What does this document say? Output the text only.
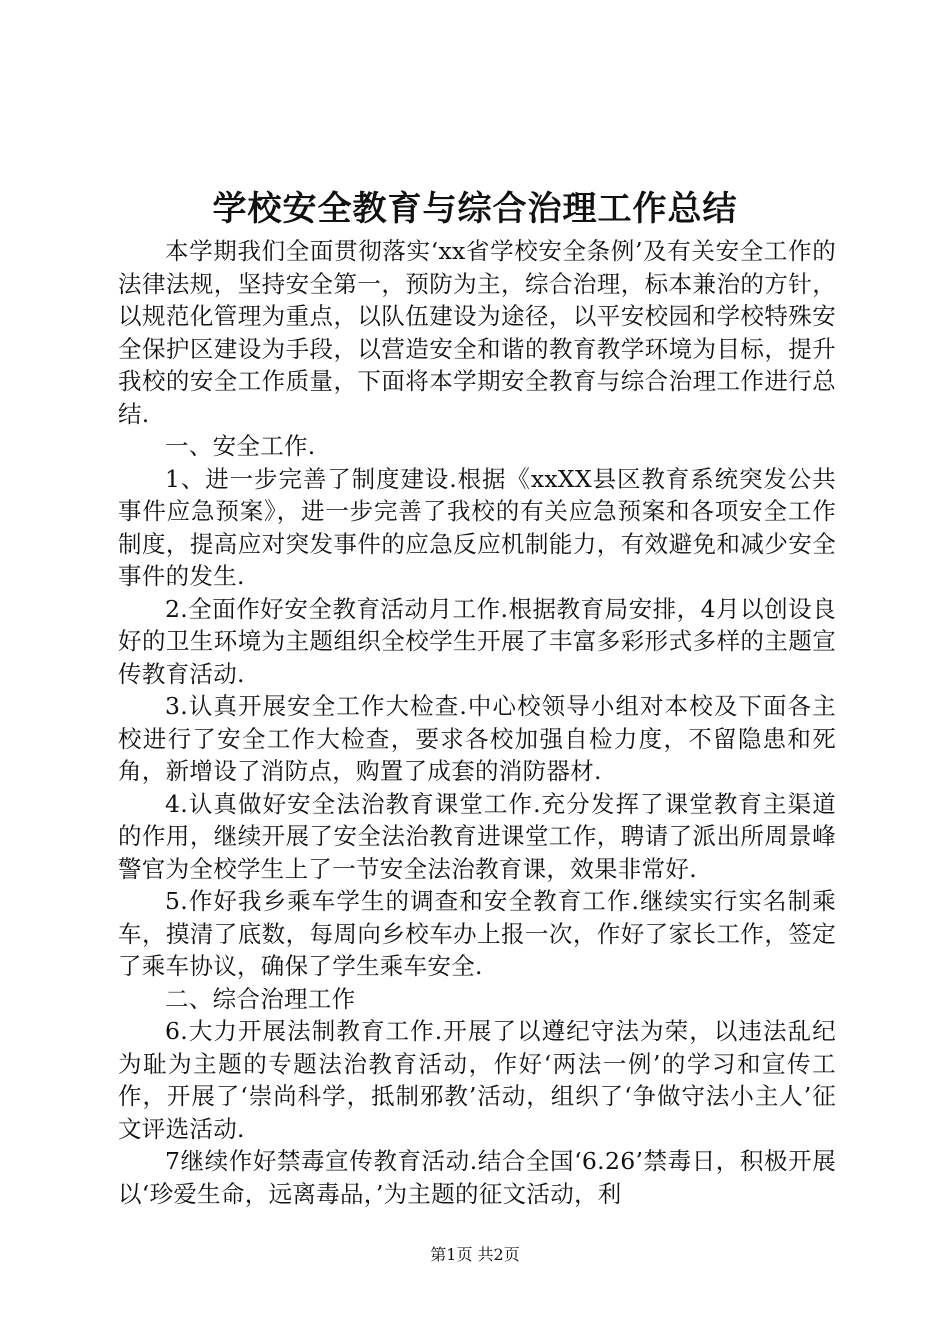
学校安全教育与综合治理工作总结

本学期我们全面贯彻落实‘xx省学校安全条例’及有关安全工作的法律法规，坚持安全第一，预防为主，综合治理，标本兼治的方针，以规范化管理为重点，以队伍建设为途径，以平安校园和学校特殊安全保护区建设为手段，以营造安全和谐的教育教学环境为目标，提升我校的安全工作质量，下面将本学期安全教育与综合治理工作进行总结.

一、安全工作.

1、进一步完善了制度建设.根据《xxXX县区教育系统突发公共事件应急预案》，进一步完善了我校的有关应急预案和各项安全工作制度，提高应对突发事件的应急反应机制能力，有效避免和减少安全事件的发生.

2.全面作好安全教育活动月工作.根据教育局安排，4月以创设良好的卫生环境为主题组织全校学生开展了丰富多彩形式多样的主题宣传教育活动.

3.认真开展安全工作大检查.中心校领导小组对本校及下面各主校进行了安全工作大检查，要求各校加强自检力度，不留隐患和死角，新增设了消防点，购置了成套的消防器材.

4.认真做好安全法治教育课堂工作.充分发挥了课堂教育主渠道的作用，继续开展了安全法治教育进课堂工作，聘请了派出所周景峰警官为全校学生上了一节安全法治教育课，效果非常好.

5.作好我乡乘车学生的调查和安全教育工作.继续实行实名制乘车，摸清了底数，每周向乡校车办上报一次，作好了家长工作，签定了乘车协议，确保了学生乘车安全.

二、综合治理工作

6.大力开展法制教育工作.开展了以遵纪守法为荣，以违法乱纪为耻为主题的专题法治教育活动，作好‘两法一例’的学习和宣传工作，开展了‘崇尚科学，抵制邪教’活动，组织了‘争做守法小主人’征文评选活动.

7继续作好禁毒宣传教育活动.结合全国‘6.26’禁毒日，积极开展以‘珍爱生命，远离毒品，’为主题的征文活动，利

第1页 共2页
